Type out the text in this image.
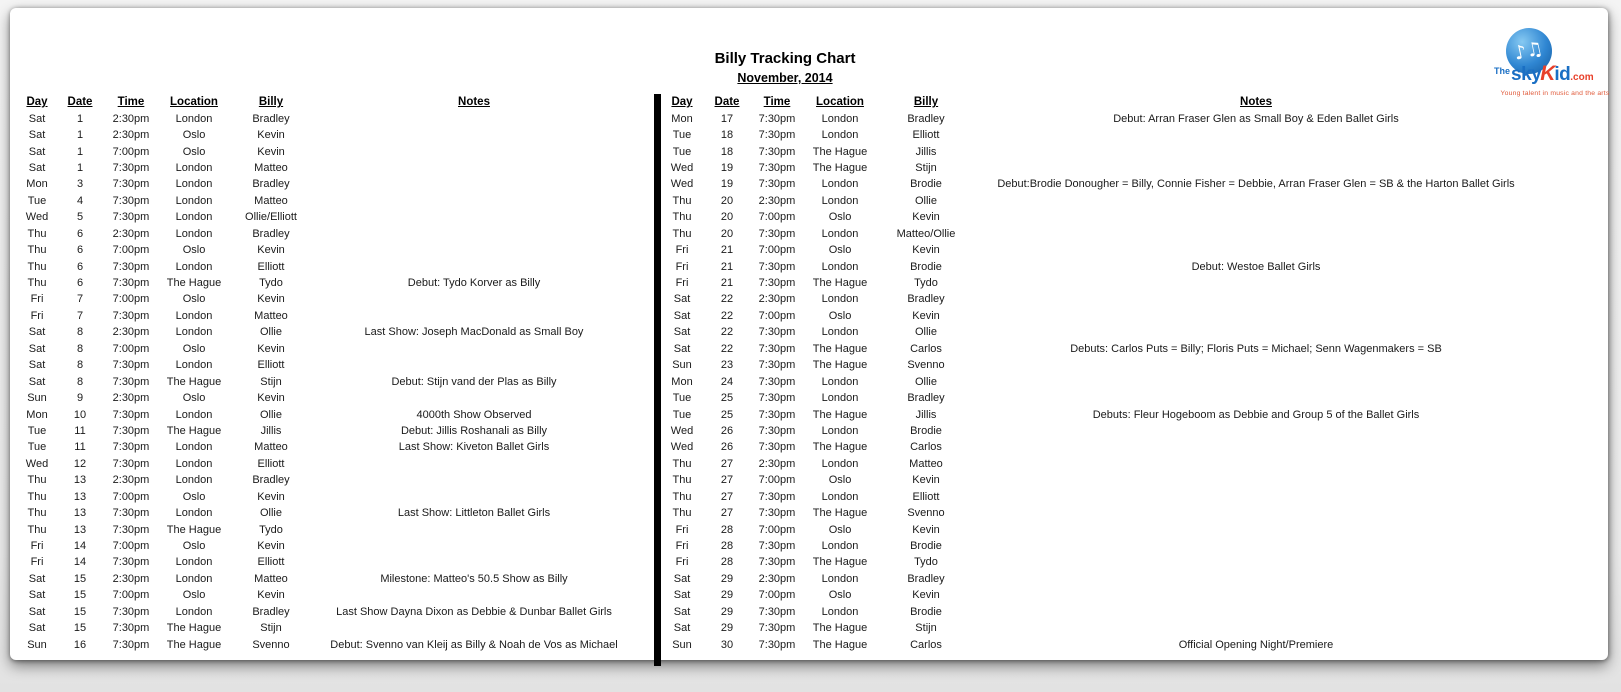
Billy Tracking Chart
November, 2014
♪♫
$^{The}$skyKid.com
Young talent in music and the arts
Day	Date	Time	Location	Billy	Notes
Sat	1	2:30pm	London	Bradley
Sat	1	2:30pm	Oslo	Kevin
Sat	1	7:00pm	Oslo	Kevin
Sat	1	7:30pm	London	Matteo
Mon	3	7:30pm	London	Bradley
Tue	4	7:30pm	London	Matteo
Wed	5	7:30pm	London	Ollie/Elliott
Thu	6	2:30pm	London	Bradley
Thu	6	7:00pm	Oslo	Kevin
Thu	6	7:30pm	London	Elliott
Thu	6	7:30pm	The Hague	Tydo	Debut: Tydo Korver as Billy
Fri	7	7:00pm	Oslo	Kevin
Fri	7	7:30pm	London	Matteo
Sat	8	2:30pm	London	Ollie	Last Show: Joseph MacDonald as Small Boy
Sat	8	7:00pm	Oslo	Kevin
Sat	8	7:30pm	London	Elliott
Sat	8	7:30pm	The Hague	Stijn	Debut: Stijn vand der Plas as Billy
Sun	9	2:30pm	Oslo	Kevin
Mon	10	7:30pm	London	Ollie	4000th Show Observed
Tue	11	7:30pm	The Hague	Jillis	Debut: Jillis Roshanali as Billy
Tue	11	7:30pm	London	Matteo	Last Show: Kiveton Ballet Girls
Wed	12	7:30pm	London	Elliott
Thu	13	2:30pm	London	Bradley
Thu	13	7:00pm	Oslo	Kevin
Thu	13	7:30pm	London	Ollie	Last Show: Littleton Ballet Girls
Thu	13	7:30pm	The Hague	Tydo
Fri	14	7:00pm	Oslo	Kevin
Fri	14	7:30pm	London	Elliott
Sat	15	2:30pm	London	Matteo	Milestone: Matteo's 50.5 Show as Billy
Sat	15	7:00pm	Oslo	Kevin
Sat	15	7:30pm	London	Bradley	Last Show Dayna Dixon as Debbie & Dunbar Ballet Girls
Sat	15	7:30pm	The Hague	Stijn
Sun	16	7:30pm	The Hague	Svenno	Debut: Svenno van Kleij as Billy & Noah de Vos as Michael
Day	Date	Time	Location	Billy	Notes
Mon	17	7:30pm	London	Bradley	Debut: Arran Fraser Glen as Small Boy & Eden Ballet Girls
Tue	18	7:30pm	London	Elliott
Tue	18	7:30pm	The Hague	Jillis
Wed	19	7:30pm	The Hague	Stijn
Wed	19	7:30pm	London	Brodie	Debut:Brodie Donougher = Billy, Connie Fisher = Debbie, Arran Fraser Glen = SB & the Harton Ballet Girls
Thu	20	2:30pm	London	Ollie
Thu	20	7:00pm	Oslo	Kevin
Thu	20	7:30pm	London	Matteo/Ollie
Fri	21	7:00pm	Oslo	Kevin
Fri	21	7:30pm	London	Brodie	Debut: Westoe Ballet Girls
Fri	21	7:30pm	The Hague	Tydo
Sat	22	2:30pm	London	Bradley
Sat	22	7:00pm	Oslo	Kevin
Sat	22	7:30pm	London	Ollie
Sat	22	7:30pm	The Hague	Carlos	Debuts: Carlos Puts = Billy; Floris Puts = Michael; Senn Wagenmakers = SB
Sun	23	7:30pm	The Hague	Svenno
Mon	24	7:30pm	London	Ollie
Tue	25	7:30pm	London	Bradley
Tue	25	7:30pm	The Hague	Jillis	Debuts: Fleur Hogeboom as Debbie and Group 5 of the Ballet Girls
Wed	26	7:30pm	London	Brodie
Wed	26	7:30pm	The Hague	Carlos
Thu	27	2:30pm	London	Matteo
Thu	27	7:00pm	Oslo	Kevin
Thu	27	7:30pm	London	Elliott
Thu	27	7:30pm	The Hague	Svenno
Fri	28	7:00pm	Oslo	Kevin
Fri	28	7:30pm	London	Brodie
Fri	28	7:30pm	The Hague	Tydo
Sat	29	2:30pm	London	Bradley
Sat	29	7:00pm	Oslo	Kevin
Sat	29	7:30pm	London	Brodie
Sat	29	7:30pm	The Hague	Stijn
Sun	30	7:30pm	The Hague	Carlos	Official Opening Night/Premiere
